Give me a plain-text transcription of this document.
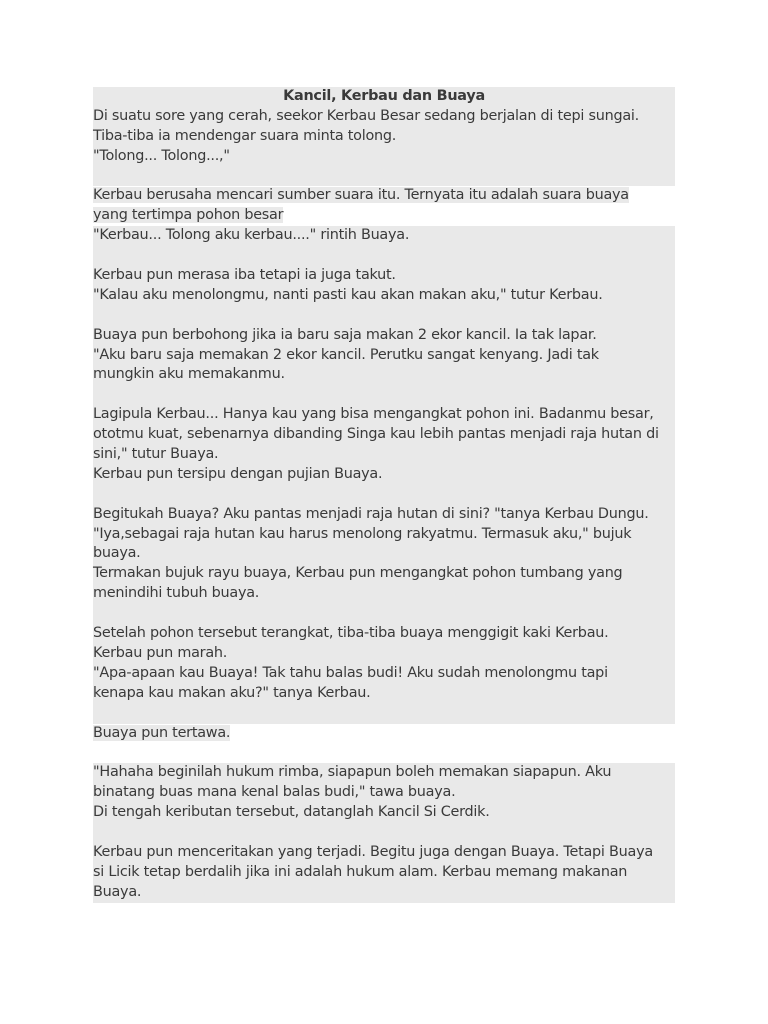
Kancil, Kerbau dan Buaya
Di suatu sore yang cerah, seekor Kerbau Besar sedang berjalan di tepi sungai.
Tiba-tiba ia mendengar suara minta tolong.
"Tolong... Tolong...,"
Kerbau berusaha mencari sumber suara itu. Ternyata itu adalah suara buaya
yang tertimpa pohon besar
"Kerbau... Tolong aku kerbau...." rintih Buaya.
Kerbau pun merasa iba tetapi ia juga takut.
"Kalau aku menolongmu, nanti pasti kau akan makan aku," tutur Kerbau.
Buaya pun berbohong jika ia baru saja makan 2 ekor kancil. Ia tak lapar.
"Aku baru saja memakan 2 ekor kancil. Perutku sangat kenyang. Jadi tak
mungkin aku memakanmu.
Lagipula Kerbau... Hanya kau yang bisa mengangkat pohon ini. Badanmu besar,
ototmu kuat, sebenarnya dibanding Singa kau lebih pantas menjadi raja hutan di
sini," tutur Buaya.
Kerbau pun tersipu dengan pujian Buaya.
Begitukah Buaya? Aku pantas menjadi raja hutan di sini? "tanya Kerbau Dungu.
"Iya,sebagai raja hutan kau harus menolong rakyatmu. Termasuk aku," bujuk
buaya.
Termakan bujuk rayu buaya, Kerbau pun mengangkat pohon tumbang yang
menindihi tubuh buaya.
Setelah pohon tersebut terangkat, tiba-tiba buaya menggigit kaki Kerbau.
Kerbau pun marah.
"Apa-apaan kau Buaya! Tak tahu balas budi! Aku sudah menolongmu tapi
kenapa kau makan aku?" tanya Kerbau.
Buaya pun tertawa.
"Hahaha beginilah hukum rimba, siapapun boleh memakan siapapun. Aku
binatang buas mana kenal balas budi," tawa buaya.
Di tengah keributan tersebut, datanglah Kancil Si Cerdik.
Kerbau pun menceritakan yang terjadi. Begitu juga dengan Buaya. Tetapi Buaya
si Licik tetap berdalih jika ini adalah hukum alam. Kerbau memang makanan
Buaya.
